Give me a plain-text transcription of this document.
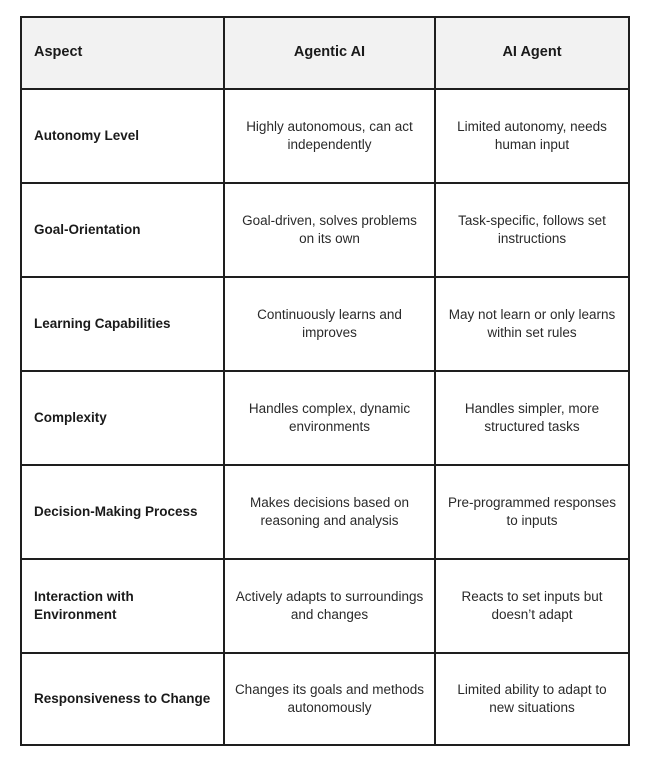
Aspect	Agentic AI	AI Agent
Autonomy Level	Highly autonomous, can act independently	Limited autonomy, needs human input
Goal-Orientation	Goal-driven, solves problems on its own	Task-specific, follows set instructions
Learning Capabilities	Continuously learns and improves	May not learn or only learns within set rules
Complexity	Handles complex, dynamic environments	Handles simpler, more structured tasks
Decision-Making Process	Makes decisions based on reasoning and analysis	Pre-programmed responses to inputs
Interaction with Environment	Actively adapts to surroundings and changes	Reacts to set inputs but doesn’t adapt
Responsiveness to Change	Changes its goals and methods autonomously	Limited ability to adapt to new situations
